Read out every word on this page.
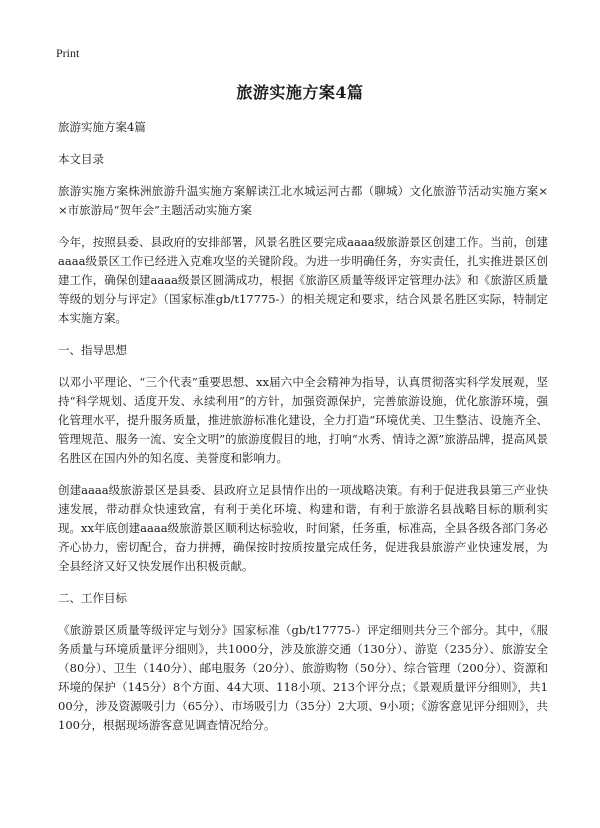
Print
旅游实施方案4篇

旅游实施方案4篇

本文目录

旅游实施方案株洲旅游升温实施方案解读江北水城运河古都（聊城）文化旅游节活动实施方案××市旅游局“贺年会”主题活动实施方案

今年，按照县委、县政府的安排部署，风景名胜区要完成aaaa级旅游景区创建工作。当前，创建aaaa级景区工作已经进入克难攻坚的关键阶段。为进一步明确任务，夯实责任，扎实推进景区创建工作，确保创建aaaa级景区圆满成功，根据《旅游区质量等级评定管理办法》和《旅游区质量等级的划分与评定》（国家标准gb/t17775-）的相关规定和要求，结合风景名胜区实际，特制定本实施方案。

一、指导思想

以邓小平理论、“三个代表”重要思想、xx届六中全会精神为指导，认真贯彻落实科学发展观，坚持“科学规划、适度开发、永续利用”的方针，加强资源保护，完善旅游设施，优化旅游环境，强化管理水平，提升服务质量，推进旅游标准化建设，全力打造“环境优美、卫生整洁、设施齐全、管理规范、服务一流、安全文明”的旅游度假目的地，打响“水秀、情诗之源”旅游品牌，提高风景名胜区在国内外的知名度、美誉度和影响力。

创建aaaa级旅游景区是县委、县政府立足县情作出的一项战略决策。有利于促进我县第三产业快速发展，带动群众快速致富，有利于美化环境、构建和谐，有利于旅游名县战略目标的顺利实现。xx年底创建aaaa级旅游景区顺利达标验收，时间紧，任务重，标准高，全县各级各部门务必齐心协力，密切配合，奋力拼搏，确保按时按质按量完成任务，促进我县旅游产业快速发展，为全县经济又好又快发展作出积极贡献。

二、工作目标

《旅游景区质量等级评定与划分》国家标准（gb/t17775-）评定细则共分三个部分。其中，《服务质量与环境质量评分细则》，共1000分，涉及旅游交通（130分）、游览（235分）、旅游安全（80分）、卫生（140分）、邮电服务（20分）、旅游购物（50分）、综合管理（200分）、资源和环境的保护（145分）8个方面、44大项、118小项、213个评分点；《景观质量评分细则》，共100分，涉及资源吸引力（65分）、市场吸引力（35分）2大项、9小项；《游客意见评分细则》，共100分，根据现场游客意见调查情况给分。
